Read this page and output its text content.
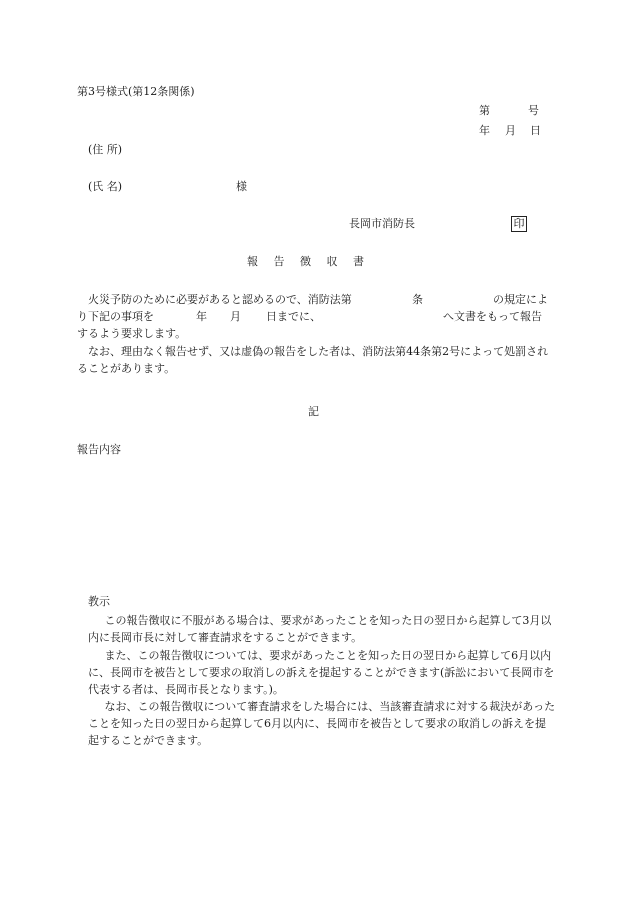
第3号様式(第12条関係)
第	号
年 月 日
(住 所)
(氏 名)	様
長岡市消防長	印
報 告 徴 収 書
火災予防のために必要があると認めるので、消防法第	条	の規定によ
り下記の事項を	年 月 日までに、	へ文書をもって報告
するよう要求します。
なお、理由なく報告せず、又は虚偽の報告をした者は、消防法第44条第2号によって処罰されることがあります。
記
報告内容
教示
この報告徴収に不服がある場合は、要求があったことを知った日の翌日から起算して3月以内に長岡市長に対して審査請求をすることができます。
また、この報告徴収については、要求があったことを知った日の翌日から起算して6月以内に、長岡市を被告として要求の取消しの訴えを提起することができます(訴訟において長岡市を代表する者は、長岡市長となります。)。
なお、この報告徴収について審査請求をした場合には、当該審査請求に対する裁決があったことを知った日の翌日から起算して6月以内に、長岡市を被告として要求の取消しの訴えを提起することができます。
